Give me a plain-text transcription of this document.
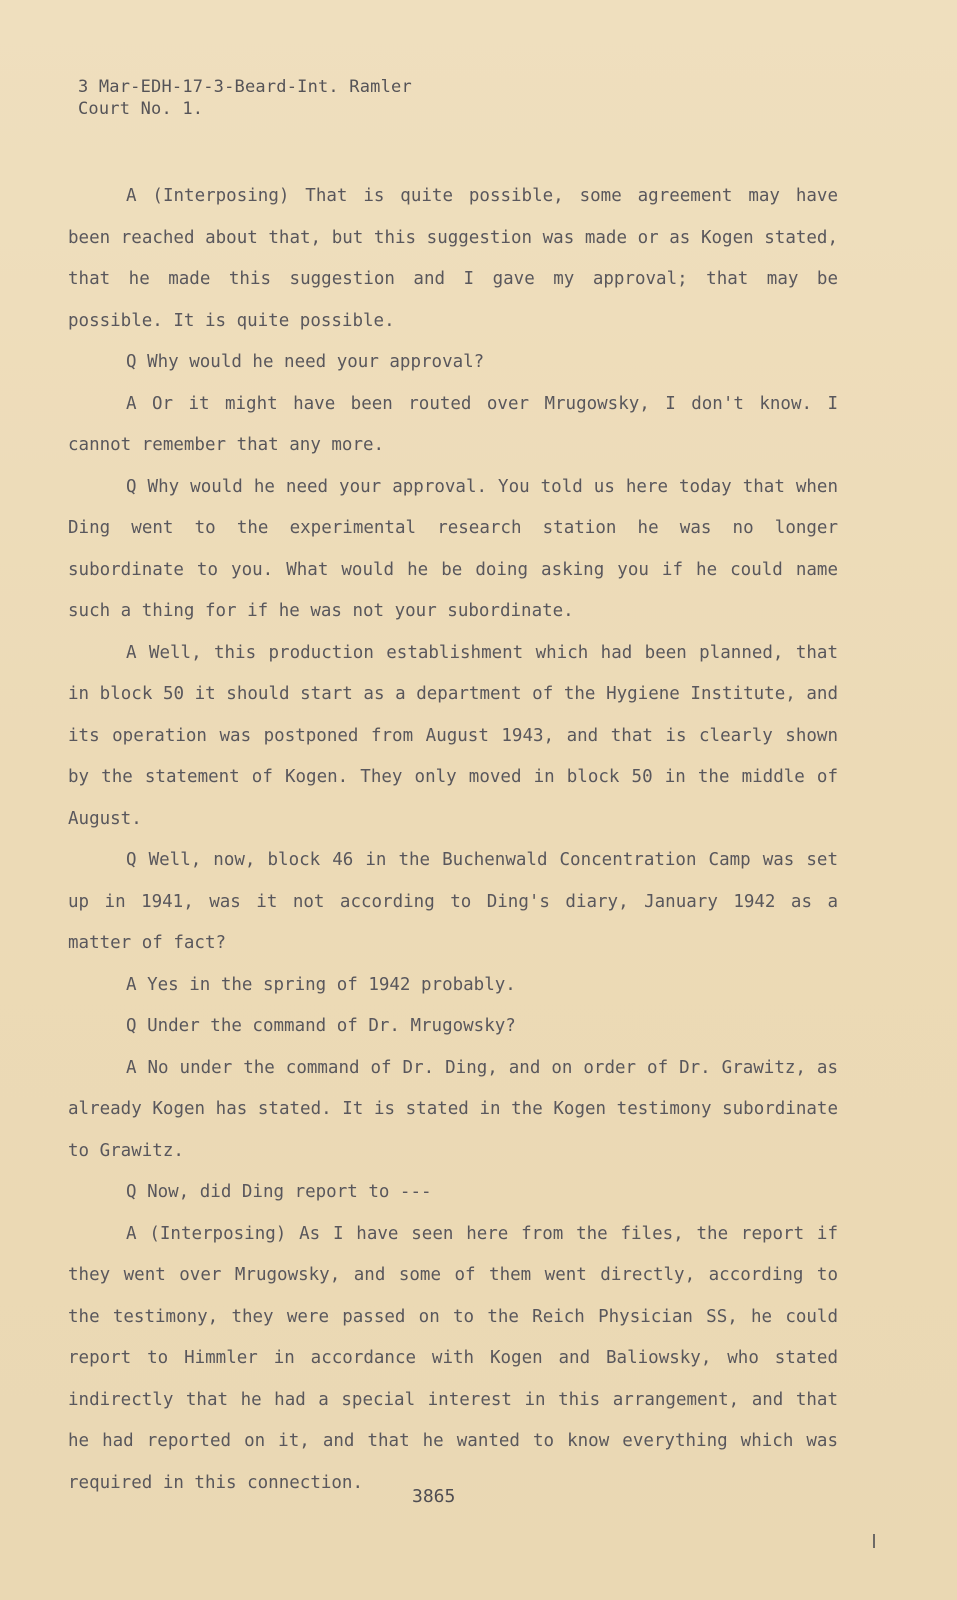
3 Mar-EDH-17-3-Beard-Int. Ramler
Court No. 1.

A (Interposing) That is quite possible, some agreement may have been reached about that, but this suggestion was made or as Kogen stated, that he made this suggestion and I gave my approval; that may be possible. It is quite possible.

Q Why would he need your approval?

A Or it might have been routed over Mrugowsky, I don't know. I cannot remember that any more.

Q Why would he need your approval. You told us here today that when Ding went to the experimental research station he was no longer subordinate to you. What would he be doing asking you if he could name such a thing for if he was not your subordinate.

A Well, this production establishment which had been planned, that in block 50 it should start as a department of the Hygiene Institute, and its operation was postponed from August 1943, and that is clearly shown by the statement of Kogen. They only moved in block 50 in the middle of August.

Q Well, now, block 46 in the Buchenwald Concentration Camp was set up in 1941, was it not according to Ding's diary, January 1942 as a matter of fact?

A Yes in the spring of 1942 probably.

Q Under the command of Dr. Mrugowsky?

A No under the command of Dr. Ding, and on order of Dr. Grawitz, as already Kogen has stated. It is stated in the Kogen testimony subordinate to Grawitz.

Q Now, did Ding report to ---

A (Interposing) As I have seen here from the files, the report if they went over Mrugowsky, and some of them went directly, according to the testimony, they were passed on to the Reich Physician SS, he could report to Himmler in accordance with Kogen and Baliowsky, who stated indirectly that he had a special interest in this arrangement, and that he had reported on it, and that he wanted to know everything which was required in this connection.

3865
